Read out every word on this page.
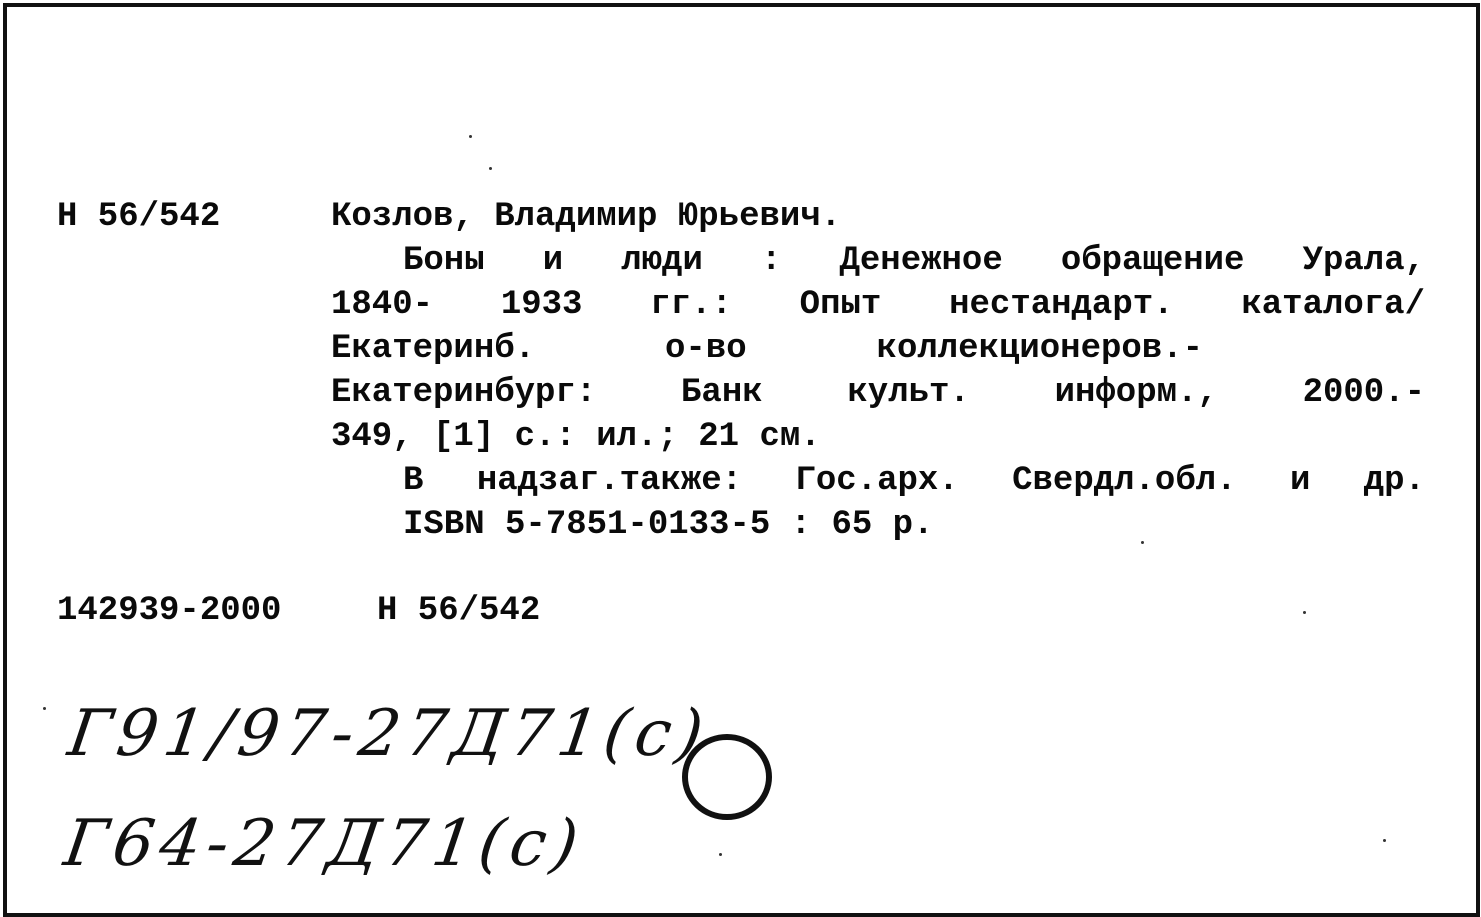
Н 56/542	Козлов, Владимир Юрьевич.
Боны и люди : Денежное обращение Урала,
1840- 1933 гг.: Опыт нестандарт. каталога/
Екатеринб. о-во коллекционеров.-
Екатеринбург: Банк культ. информ., 2000.-
349, [1] с.: ил.; 21 см.
В надзаг.также: Гос.арх. Свердл.обл. и др.
ISBN 5-7851-0133-5 : 65 р.
142939-2000	Н 56/542
Г91/97-27Д71(с)
Г64-27Д71(с)
